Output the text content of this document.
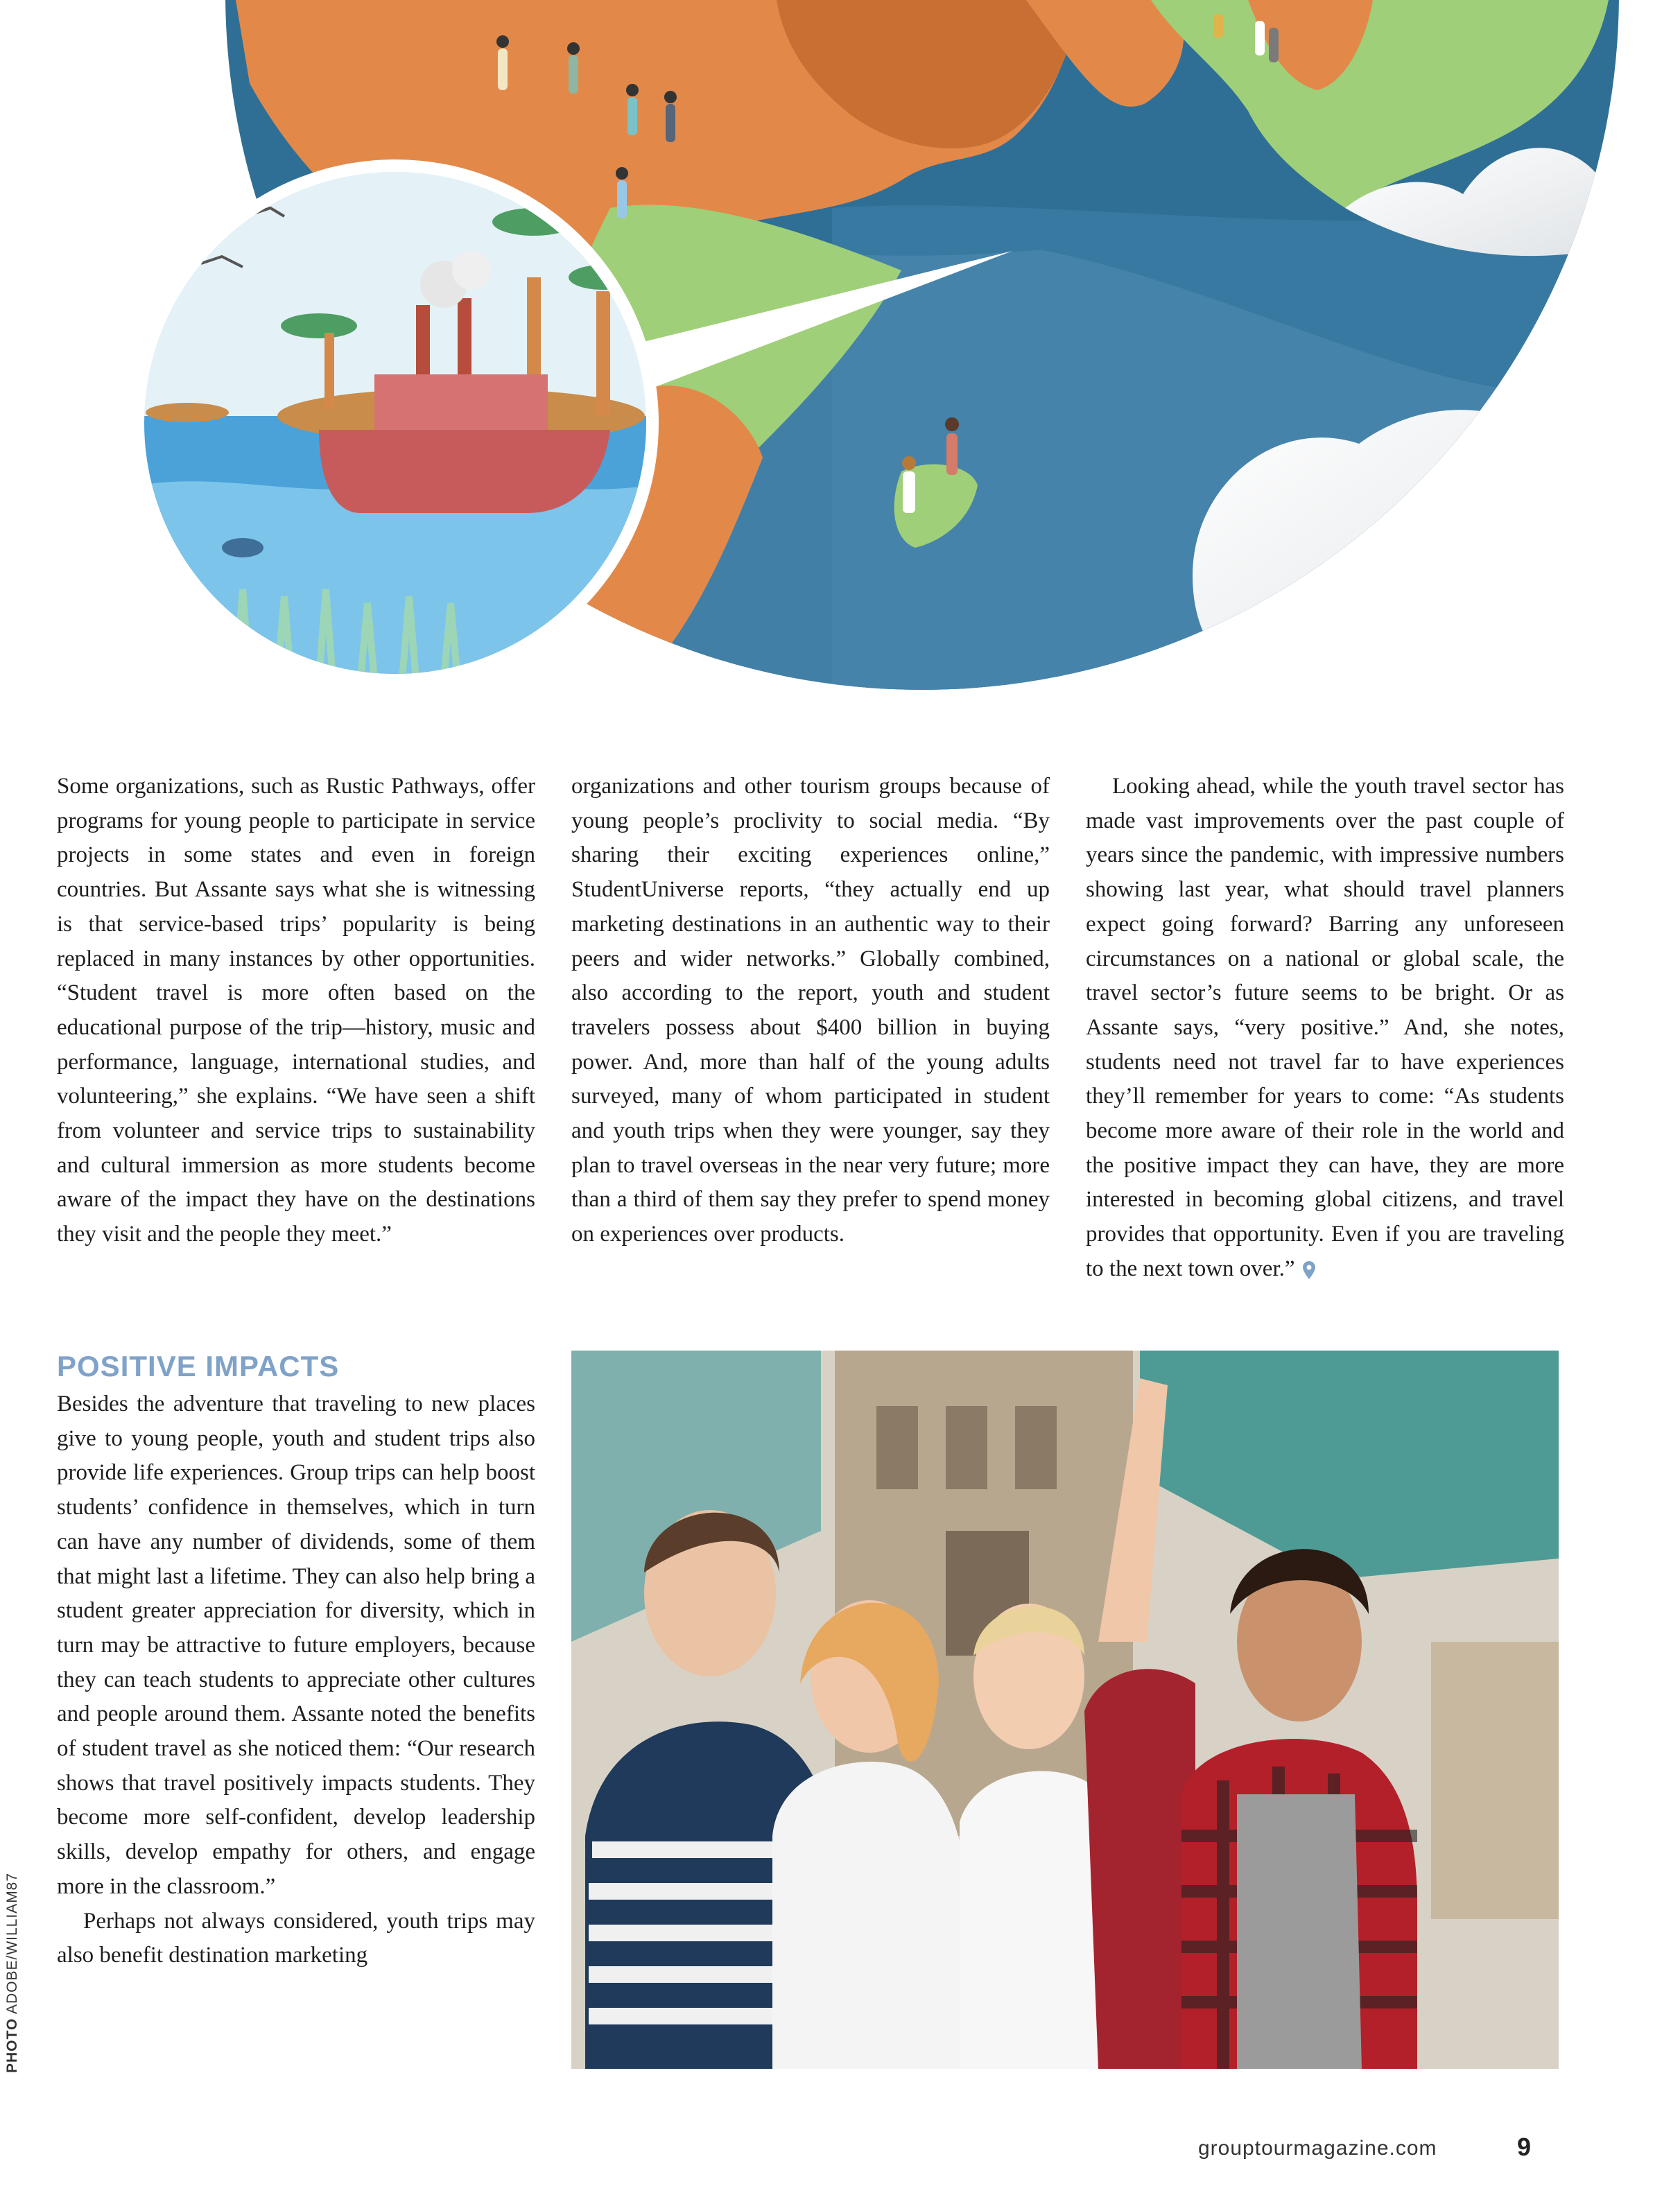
Some organizations, such as Rustic Pathways, offer programs for young people to participate in service projects in some states and even in foreign countries. But Assante says what she is witnessing is that service-based trips’ popularity is being replaced in many instances by other opportunities. “Student travel is more often based on the educational purpose of the trip—history, music and performance, language, international studies, and volunteering,” she explains. “We have seen a shift from volunteer and service trips to sustainability and cultural immersion as more students become aware of the impact they have on the destinations they visit and the people they meet.”

organizations and other tourism groups because of young people’s proclivity to social media. “By sharing their exciting experiences online,” StudentUniverse reports, “they actually end up marketing destinations in an authentic way to their peers and wider networks.” Globally combined, also according to the report, youth and student travelers possess about $400 billion in buying power. And, more than half of the young adults surveyed, many of whom participated in student and youth trips when they were younger, say they plan to travel overseas in the near very future; more than a third of them say they prefer to spend money on experiences over products.

Looking ahead, while the youth travel sector has made vast improvements over the past couple of years since the pandemic, with impressive numbers showing last year, what should travel planners expect going forward? Barring any unforeseen circumstances on a national or global scale, the travel sector’s future seems to be bright. Or as Assante says, “very positive.” And, she notes, students need not travel far to have experiences they’ll remember for years to come: “As students become more aware of their role in the world and the positive impact they can have, they are more interested in becoming global citizens, and travel provides that opportunity. Even if you are traveling to the next town over.”

POSITIVE IMPACTS

Besides the adventure that traveling to new places give to young people, youth and student trips also provide life experiences. Group trips can help boost students’ confidence in themselves, which in turn can have any number of dividends, some of them that might last a lifetime. They can also help bring a student greater appreciation for diversity, which in turn may be attractive to future employers, because they can teach students to appreciate other cultures and people around them. Assante noted the benefits of student travel as she noticed them: “Our research shows that travel positively impacts students. They become more self-confident, develop leadership skills, develop empathy for others, and engage more in the classroom.”

Perhaps not always considered, youth trips may also benefit destination marketing

PHOTO ADOBE/WILLIAM87
grouptourmagazine.com	9
